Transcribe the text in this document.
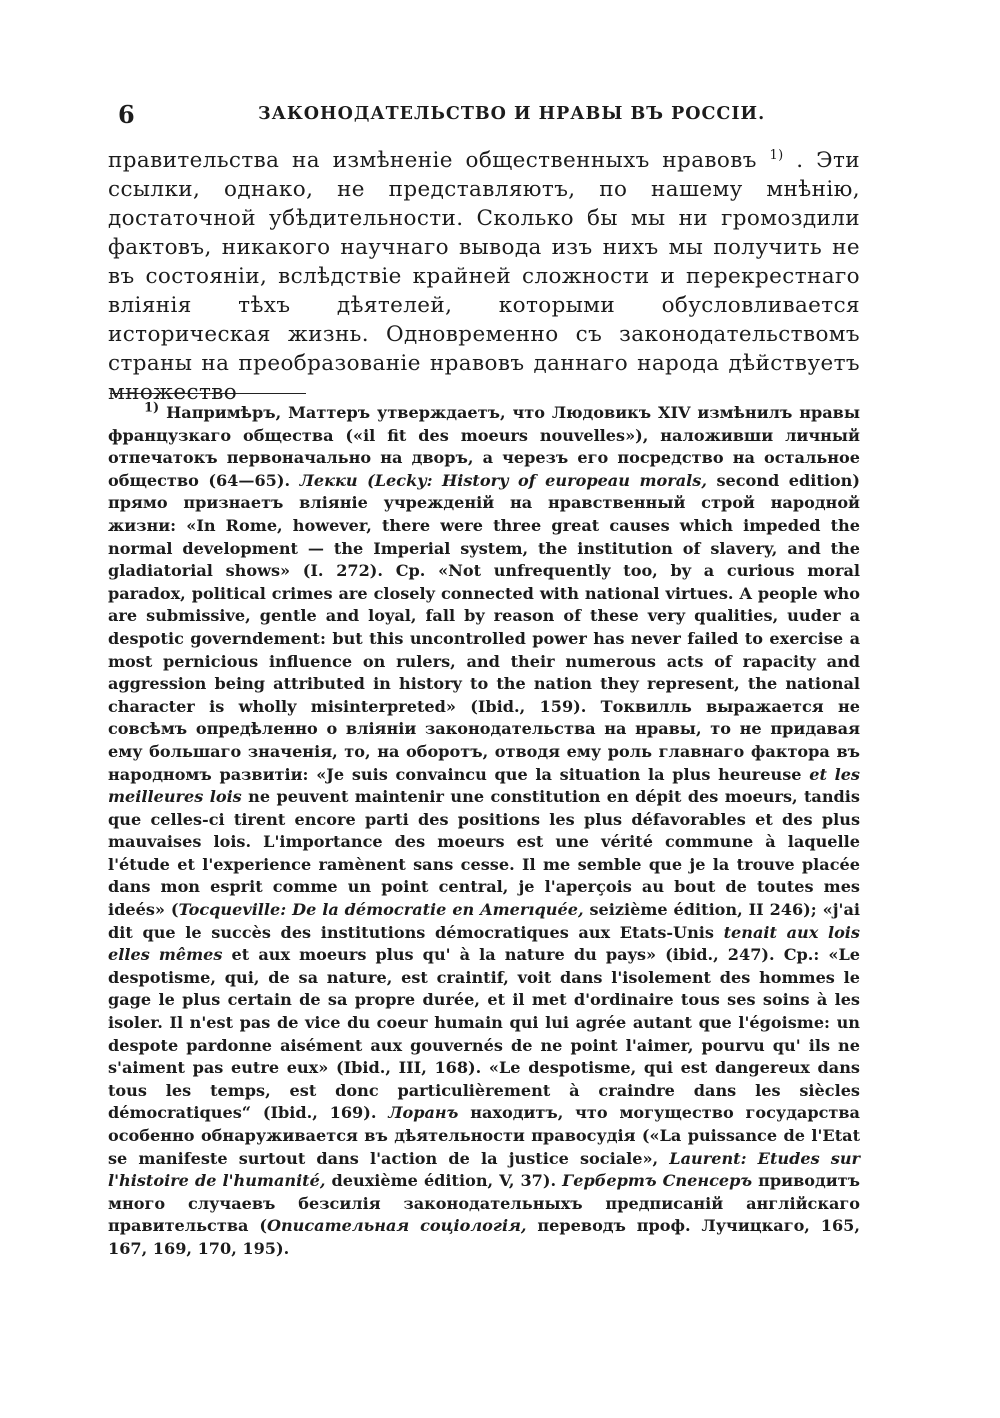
6	ЗАКОНОДАТЕЛЬСТВО И НРАВЫ ВЪ РОССІИ.
правительства на измѣненіе общественныхъ нравовъ $^{1)}$ . Эти ссылки, однако, не представляютъ, по нашему мнѣнію, достаточной убѣдительности. Сколько бы мы ни громоздили фактовъ, никакого научнаго вывода изъ нихъ мы получить не въ состояніи, вслѣдствіе крайней сложности и перекрестнаго вліянія тѣхъ дѣятелей, которыми обусловливается историческая жизнь. Одновременно съ законодательствомъ страны на преобразованіе нравовъ даннаго народа дѣйствуетъ множество
$^{1)}$ Напримѣръ, Маттеръ утверждаетъ, что Людовикъ XIV измѣнилъ нравы французкаго общества («il fit des moeurs nouvelles»), наложивши личный отпечатокъ первоначально на дворъ, а черезъ его посредство на остальное общество (64—65). Лекки (Lecky: History of europeau morals, second edition) прямо признаетъ вліяніе учрежденій на нравственный строй народной жизни: «In Rome, however, there were three great causes which impeded the normal development — the Imperial system, the institution of slavery, and the gladiatorial shows» (I. 272). Ср. «Not unfrequently too, by a curious moral paradox, political crimes are closely connected with national virtues. A people who are submissive, gentle and loyal, fall by reason of these very qualities, uuder a despotic governdement: but this uncontrolled power has never failed to exercise a most pernicious influence on rulers, and their numerous acts of rapacity and aggression being attributed in history to the nation they represent, the national character is wholly misinterpreted» (Ibid., 159). Токвилль выражается не совсѣмъ опредѣленно о вліяніи законодательства на нравы, то не придавая ему большаго значенія, то, на оборотъ, отводя ему роль главнаго фактора въ народномъ развитіи: «Je suis convaincu que la situation la plus heureuse et les meilleures lois ne peuvent maintenir une constitution en dépit des moeurs, tandis que celles-ci tirent encore parti des positions les plus défavorables et des plus mauvaises lois. L'importance des moeurs est une vérité commune à laquelle l'étude et l'experience ramènent sans cesse. Il me semble que je la trouve placée dans mon esprit comme un point central, je l'aperçois au bout de toutes mes ideés» (Tocqueville: De la démocratie en Amerıquée, seizième édition, II 246); «j'ai dit que le succès des institutions démocratiques aux Etats-Unis tenait aux lois elles mêmes et aux moeurs plus qu' à la nature du pays» (ibid., 247). Ср.: «Le despotisme, qui, de sa nature, est craintif, voit dans l'isolement des hommes le gage le plus certain de sa propre durée, et il met d'ordinaire tous ses soins à les isoler. Il n'est pas de vice du coeur humain qui lui agrée autant que l'égoisme: un despote pardonne aisément aux gouvernés de ne point l'aimer, pourvu qu' ils ne s'aiment pas eutre eux» (Ibid., III, 168). «Le despotisme, qui est dangereux dans tous les temps, est donc particulièrement à craindre dans les siècles démocratiques“ (Ibid., 169). Лоранъ находитъ, что могущество государства особенно обнаруживается въ дѣятельности правосудія («La puissance de l'Etat se manifeste surtout dans l'action de la justice sociale», Laurent: Etudes sur l'histoire de l'humanité, deuxième édition, V, 37). Гербертъ Спенсеръ приводитъ много случаевъ безсилія законодательныхъ предписаній англійскаго правительства (Описательная соціологія, переводъ проф. Лучицкаго, 165, 167, 169, 170, 195).
